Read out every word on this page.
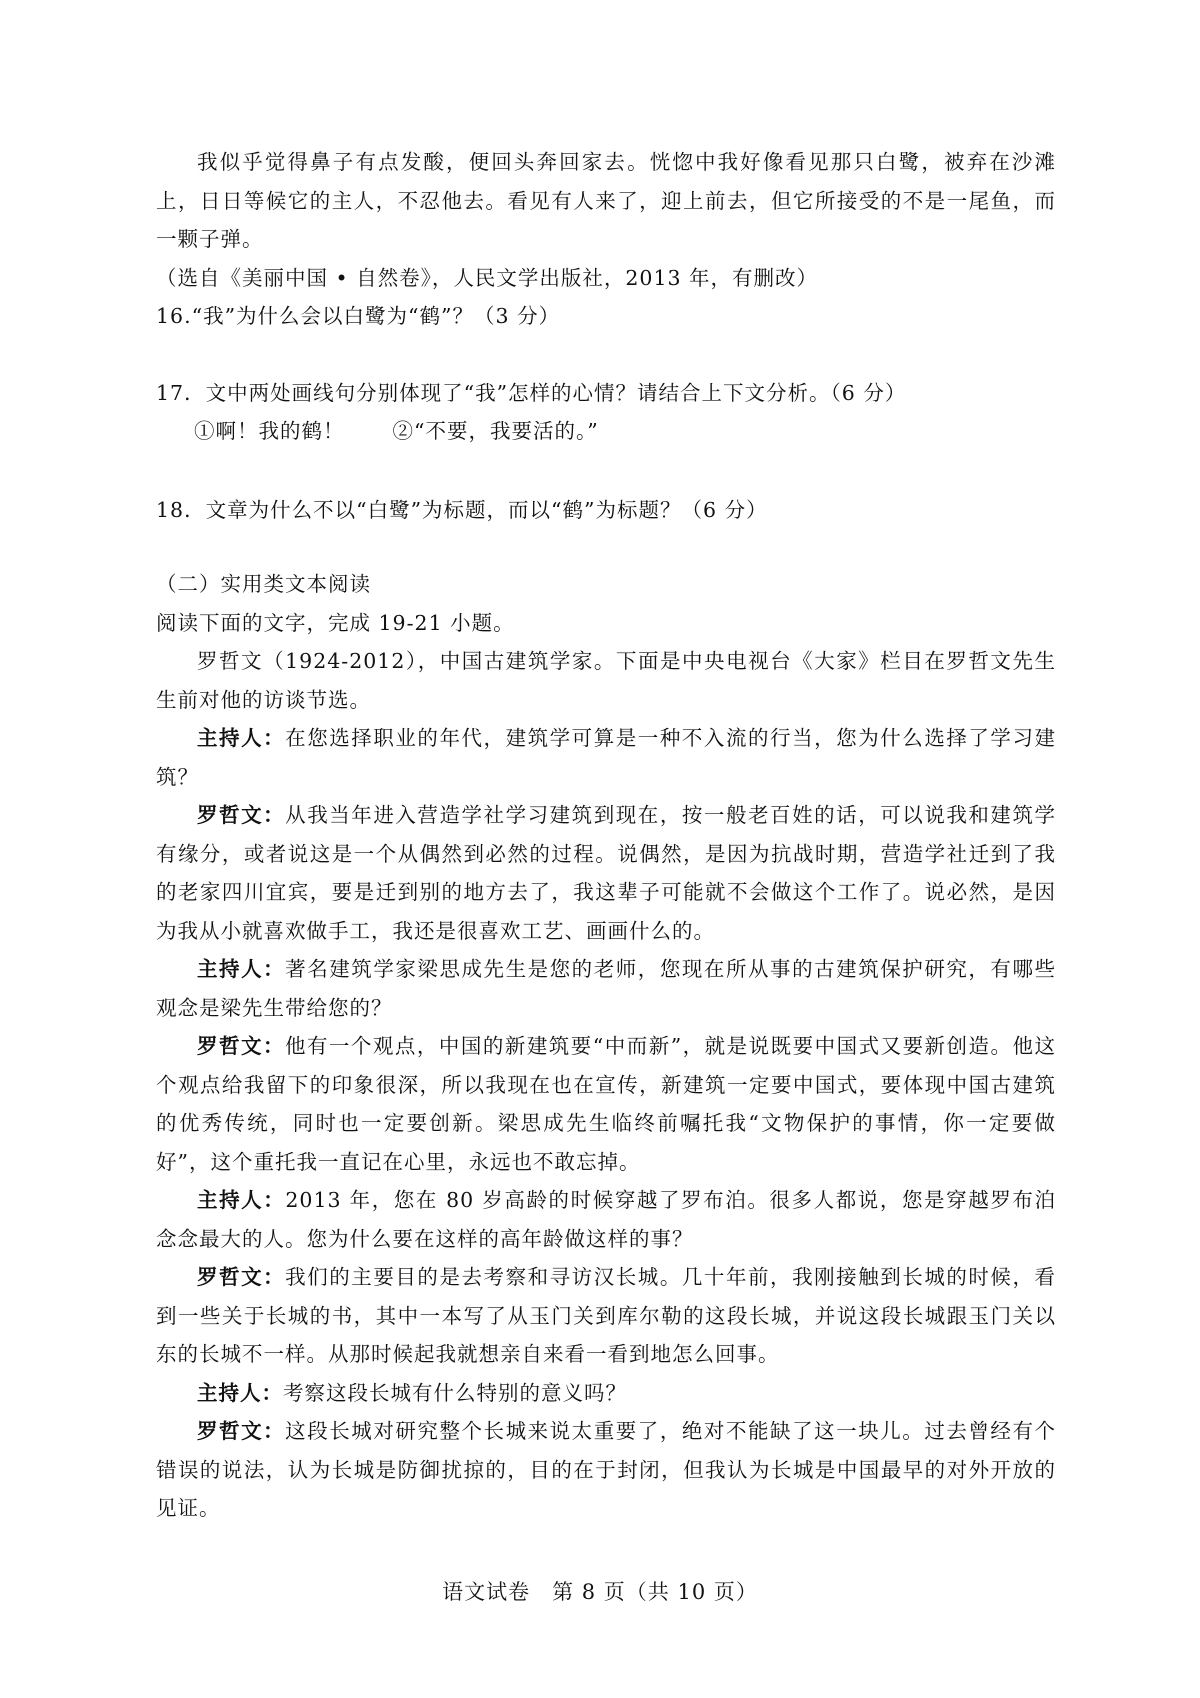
我似乎觉得鼻子有点发酸，便回头奔回家去。恍惚中我好像看见那只白鹭，被弃在沙滩上，日日等候它的主人，不忍他去。看见有人来了，迎上前去，但它所接受的不是一尾鱼，而一颗子弹。

（选自《美丽中国 • 自然卷》，人民文学出版社，2013 年，有删改）

16.“我”为什么会以白鹭为“鹤”？（3 分）

17．文中两处画线句分别体现了“我”怎样的心情？请结合上下文分析。（6 分）

①啊！我的鹤！ ②“不要，我要活的。”

18．文章为什么不以“白鹭”为标题，而以“鹤”为标题？（6 分）

（二）实用类文本阅读

阅读下面的文字，完成 19-21 小题。

罗哲文（1924-2012），中国古建筑学家。下面是中央电视台《大家》栏目在罗哲文先生生前对他的访谈节选。

主持人：在您选择职业的年代，建筑学可算是一种不入流的行当，您为什么选择了学习建筑？

罗哲文：从我当年进入营造学社学习建筑到现在，按一般老百姓的话，可以说我和建筑学有缘分，或者说这是一个从偶然到必然的过程。说偶然，是因为抗战时期，营造学社迁到了我的老家四川宜宾，要是迁到别的地方去了，我这辈子可能就不会做这个工作了。说必然，是因为我从小就喜欢做手工，我还是很喜欢工艺、画画什么的。

主持人：著名建筑学家梁思成先生是您的老师，您现在所从事的古建筑保护研究，有哪些观念是梁先生带给您的？

罗哲文：他有一个观点，中国的新建筑要“中而新”，就是说既要中国式又要新创造。他这个观点给我留下的印象很深，所以我现在也在宣传，新建筑一定要中国式，要体现中国古建筑的优秀传统，同时也一定要创新。梁思成先生临终前嘱托我“文物保护的事情，你一定要做好”，这个重托我一直记在心里，永远也不敢忘掉。

主持人：2013 年，您在 80 岁高龄的时候穿越了罗布泊。很多人都说，您是穿越罗布泊念念最大的人。您为什么要在这样的高年龄做这样的事？

罗哲文：我们的主要目的是去考察和寻访汉长城。几十年前，我刚接触到长城的时候，看到一些关于长城的书，其中一本写了从玉门关到库尔勒的这段长城，并说这段长城跟玉门关以东的长城不一样。从那时候起我就想亲自来看一看到地怎么回事。

主持人：考察这段长城有什么特别的意义吗？

罗哲文：这段长城对研究整个长城来说太重要了，绝对不能缺了这一块儿。过去曾经有个错误的说法，认为长城是防御扰掠的，目的在于封闭，但我认为长城是中国最早的对外开放的见证。

语文试卷　第 8 页（共 10 页）
